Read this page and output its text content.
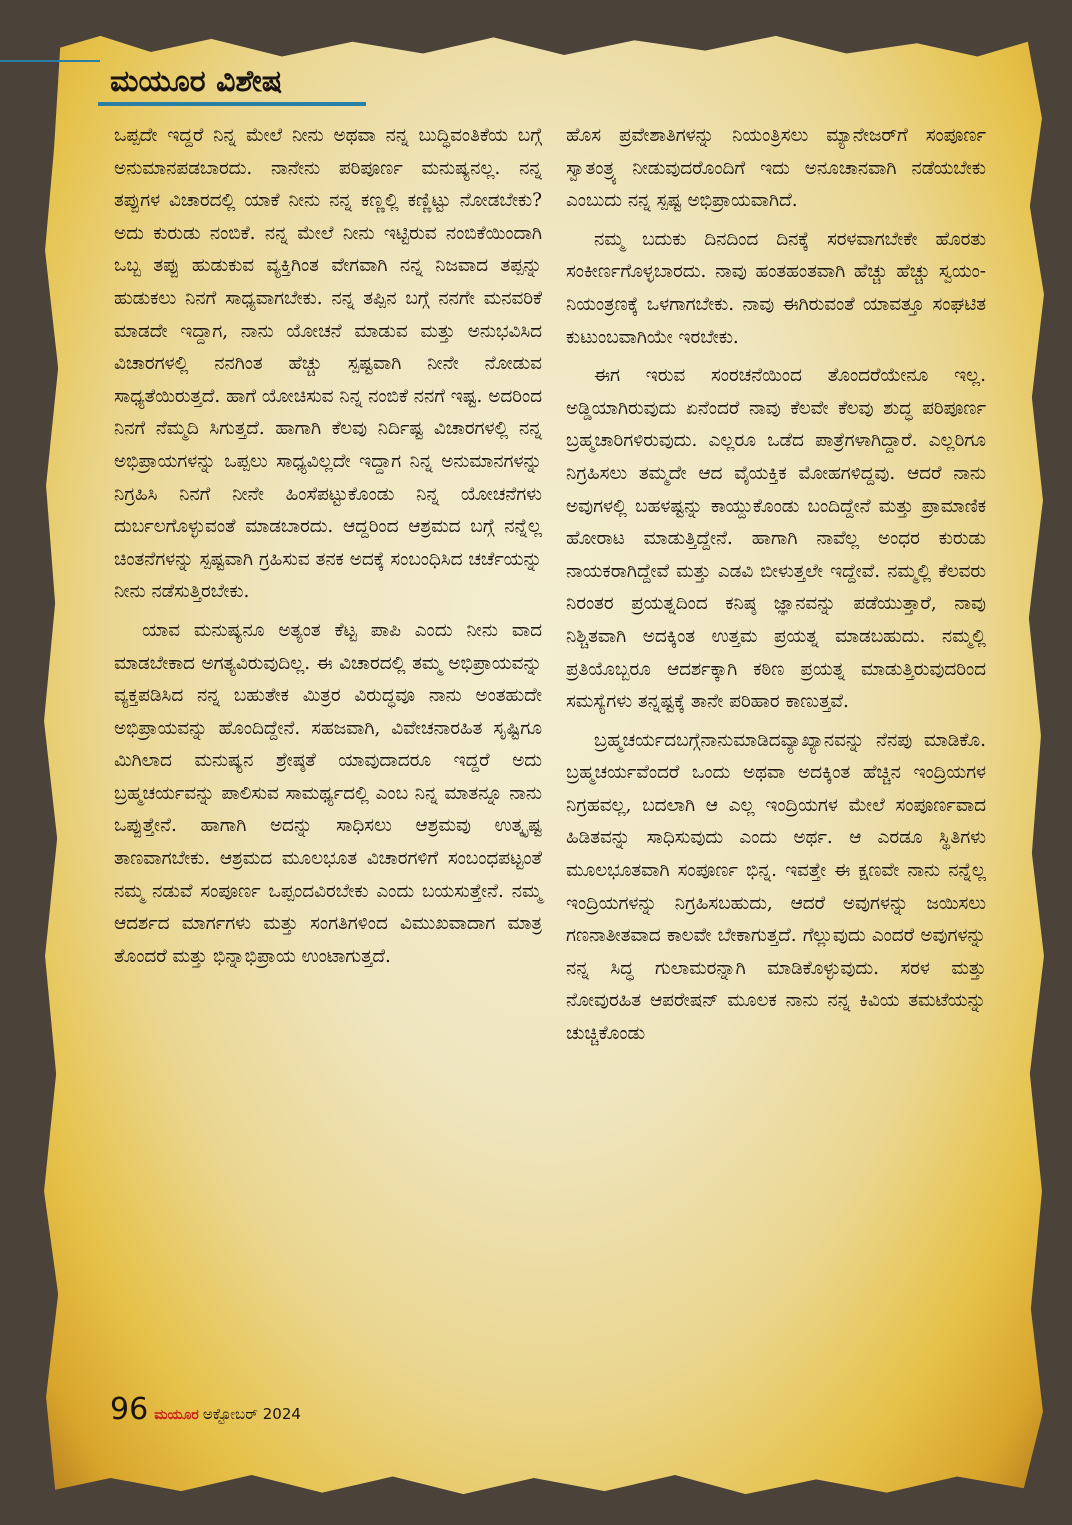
ಮಯೂರ ವಿಶೇಷ

ಒಪ್ಪದೇ ಇದ್ದರೆ ನಿನ್ನ ಮೇಲೆ ನೀನು ಅಥವಾ ನನ್ನ ಬುದ್ಧಿವಂತಿಕೆಯ ಬಗ್ಗೆ ಅನುಮಾನಪಡಬಾರದು. ನಾನೇನು ಪರಿಪೂರ್ಣ ಮನುಷ್ಯನಲ್ಲ. ನನ್ನ ತಪ್ಪುಗಳ ವಿಚಾರದಲ್ಲಿ ಯಾಕೆ ನೀನು ನನ್ನ ಕಣ್ಣಲ್ಲಿ ಕಣ್ಣಿಟ್ಟು ನೋಡಬೇಕು? ಅದು ಕುರುಡು ನಂಬಿಕೆ. ನನ್ನ ಮೇಲೆ ನೀನು ಇಟ್ಟಿರುವ ನಂಬಿಕೆಯಿಂದಾಗಿ ಒಬ್ಬ ತಪ್ಪು ಹುಡುಕುವ ವ್ಯಕ್ತಿಗಿಂತ ವೇಗವಾಗಿ ನನ್ನ ನಿಜವಾದ ತಪ್ಪನ್ನು ಹುಡುಕಲು ನಿನಗೆ ಸಾಧ್ಯವಾಗಬೇಕು. ನನ್ನ ತಪ್ಪಿನ ಬಗ್ಗೆ ನನಗೇ ಮನವರಿಕೆ ಮಾಡದೇ ಇದ್ದಾಗ, ನಾನು ಯೋಚನೆ ಮಾಡುವ ಮತ್ತು ಅನುಭವಿಸಿದ ವಿಚಾರಗಳಲ್ಲಿ ನನಗಿಂತ ಹೆಚ್ಚು ಸ್ಪಷ್ಟವಾಗಿ ನೀನೇ ನೋಡುವ ಸಾಧ್ಯತೆಯಿರುತ್ತದೆ. ಹಾಗೆ ಯೋಚಿಸುವ ನಿನ್ನ ನಂಬಿಕೆ ನನಗೆ ಇಷ್ಟ. ಅದರಿಂದ ನಿನಗೆ ನೆಮ್ಮದಿ ಸಿಗುತ್ತದೆ. ಹಾಗಾಗಿ ಕೆಲವು ನಿರ್ದಿಷ್ಟ ವಿಚಾರಗಳಲ್ಲಿ ನನ್ನ ಅಭಿಪ್ರಾಯಗಳನ್ನು ಒಪ್ಪಲು ಸಾಧ್ಯವಿಲ್ಲದೇ ಇದ್ದಾಗ ನಿನ್ನ ಅನುಮಾನಗಳನ್ನು ನಿಗ್ರಹಿಸಿ ನಿನಗೆ ನೀನೇ ಹಿಂಸೆಪಟ್ಟುಕೊಂಡು ನಿನ್ನ ಯೋಚನೆಗಳು ದುರ್ಬಲಗೊಳ್ಳುವಂತೆ ಮಾಡಬಾರದು. ಆದ್ದರಿಂದ ಆಶ್ರಮದ ಬಗ್ಗೆ ನನ್ನೆಲ್ಲ ಚಿಂತನೆಗಳನ್ನು ಸ್ಪಷ್ಟವಾಗಿ ಗ್ರಹಿಸುವ ತನಕ ಅದಕ್ಕೆ ಸಂಬಂಧಿಸಿದ ಚರ್ಚೆಯನ್ನು ನೀನು ನಡೆಸುತ್ತಿರಬೇಕು.

ಯಾವ ಮನುಷ್ಯನೂ ಅತ್ಯಂತ ಕೆಟ್ಟ ಪಾಪಿ ಎಂದು ನೀನು ವಾದ ಮಾಡಬೇಕಾದ ಅಗತ್ಯವಿರುವುದಿಲ್ಲ. ಈ ವಿಚಾರದಲ್ಲಿ ತಮ್ಮ ಅಭಿಪ್ರಾಯವನ್ನು ವ್ಯಕ್ತಪಡಿಸಿದ ನನ್ನ ಬಹುತೇಕ ಮಿತ್ರರ ವಿರುದ್ಧವೂ ನಾನು ಅಂತಹುದೇ ಅಭಿಪ್ರಾಯವನ್ನು ಹೊಂದಿದ್ದೇನೆ. ಸಹಜವಾಗಿ, ವಿವೇಚನಾರಹಿತ ಸೃಷ್ಟಿಗೂ ಮಿಗಿಲಾದ ಮನುಷ್ಯನ ಶ್ರೇಷ್ಠತೆ ಯಾವುದಾದರೂ ಇದ್ದರೆ ಅದು ಬ್ರಹ್ಮಚರ್ಯವನ್ನು ಪಾಲಿಸುವ ಸಾಮರ್ಥ್ಯದಲ್ಲಿ ಎಂಬ ನಿನ್ನ ಮಾತನ್ನೂ ನಾನು ಒಪ್ಪುತ್ತೇನೆ. ಹಾಗಾಗಿ ಅದನ್ನು ಸಾಧಿಸಲು ಆಶ್ರಮವು ಉತ್ಕೃಷ್ಟ ತಾಣವಾಗಬೇಕು. ಆಶ್ರಮದ ಮೂಲಭೂತ ವಿಚಾರಗಳಿಗೆ ಸಂಬಂಧಪಟ್ಟಂತೆ ನಮ್ಮ ನಡುವೆ ಸಂಪೂರ್ಣ ಒಪ್ಪಂದವಿರಬೇಕು ಎಂದು ಬಯಸುತ್ತೇನೆ. ನಮ್ಮ ಆದರ್ಶದ ಮಾರ್ಗಗಳು ಮತ್ತು ಸಂಗತಿಗಳಿಂದ ವಿಮುಖವಾದಾಗ ಮಾತ್ರ ತೊಂದರೆ ಮತ್ತು ಭಿನ್ನಾಭಿಪ್ರಾಯ ಉಂಟಾಗುತ್ತದೆ.

ಹೊಸ ಪ್ರವೇಶಾತಿಗಳನ್ನು ನಿಯಂತ್ರಿಸಲು ಮ್ಯಾನೇಜರ್‌ಗೆ ಸಂಪೂರ್ಣ ಸ್ವಾತಂತ್ರ್ಯ ನೀಡುವುದರೊಂದಿಗೆ ಇದು ಅನೂಚಾನವಾಗಿ ನಡೆಯಬೇಕು ಎಂಬುದು ನನ್ನ ಸ್ಪಷ್ಟ ಅಭಿಪ್ರಾಯವಾಗಿದೆ.

ನಮ್ಮ ಬದುಕು ದಿನದಿಂದ ದಿನಕ್ಕೆ ಸರಳವಾಗಬೇಕೇ ಹೊರತು ಸಂಕೀರ್ಣಗೊಳ್ಳಬಾರದು. ನಾವು ಹಂತಹಂತವಾಗಿ ಹೆಚ್ಚು ಹೆಚ್ಚು ಸ್ವಯಂ-ನಿಯಂತ್ರಣಕ್ಕೆ ಒಳಗಾಗಬೇಕು. ನಾವು ಈಗಿರುವಂತೆ ಯಾವತ್ತೂ ಸಂಘಟಿತ ಕುಟುಂಬವಾಗಿಯೇ ಇರಬೇಕು.

ಈಗ ಇರುವ ಸಂರಚನೆಯಿಂದ ತೊಂದರೆಯೇನೂ ಇಲ್ಲ. ಅಡ್ಡಿಯಾಗಿರುವುದು ಏನೆಂದರೆ ನಾವು ಕೆಲವೇ ಕೆಲವು ಶುದ್ಧ ಪರಿಪೂರ್ಣ ಬ್ರಹ್ಮಚಾರಿಗಳಿರುವುದು. ಎಲ್ಲರೂ ಒಡೆದ ಪಾತ್ರೆಗಳಾಗಿದ್ದಾರೆ. ಎಲ್ಲರಿಗೂ ನಿಗ್ರಹಿಸಲು ತಮ್ಮದೇ ಆದ ವೈಯಕ್ತಿಕ ಮೋಹಗಳಿದ್ದವು. ಆದರೆ ನಾನು ಅವುಗಳಲ್ಲಿ ಬಹಳಷ್ಟನ್ನು ಕಾಯ್ದುಕೊಂಡು ಬಂದಿದ್ದೇನೆ ಮತ್ತು ಪ್ರಾಮಾಣಿಕ ಹೋರಾಟ ಮಾಡುತ್ತಿದ್ದೇನೆ. ಹಾಗಾಗಿ ನಾವೆಲ್ಲ ಅಂಧರ ಕುರುಡು ನಾಯಕರಾಗಿದ್ದೇವೆ ಮತ್ತು ಎಡವಿ ಬೀಳುತ್ತಲೇ ಇದ್ದೇವೆ. ನಮ್ಮಲ್ಲಿ ಕೆಲವರು ನಿರಂತರ ಪ್ರಯತ್ನದಿಂದ ಕನಿಷ್ಠ ಜ್ಞಾನವನ್ನು ಪಡೆಯುತ್ತಾರೆ, ನಾವು ನಿಶ್ಚಿತವಾಗಿ ಅದಕ್ಕಿಂತ ಉತ್ತಮ ಪ್ರಯತ್ನ ಮಾಡಬಹುದು. ನಮ್ಮಲ್ಲಿ ಪ್ರತಿಯೊಬ್ಬರೂ ಆದರ್ಶಕ್ಕಾಗಿ ಕಠಿಣ ಪ್ರಯತ್ನ ಮಾಡುತ್ತಿರುವುದರಿಂದ ಸಮಸ್ಯೆಗಳು ತನ್ನಷ್ಟಕ್ಕೆ ತಾನೇ ಪರಿಹಾರ ಕಾಣುತ್ತವೆ.

ಬ್ರಹ್ಮಚರ್ಯದಬಗ್ಗೆನಾನುಮಾಡಿದವ್ಯಾಖ್ಯಾನವನ್ನು ನೆನಪು ಮಾಡಿಕೊ. ಬ್ರಹ್ಮಚರ್ಯವೆಂದರೆ ಒಂದು ಅಥವಾ ಅದಕ್ಕಿಂತ ಹೆಚ್ಚಿನ ಇಂದ್ರಿಯಗಳ ನಿಗ್ರಹವಲ್ಲ, ಬದಲಾಗಿ ಆ ಎಲ್ಲ ಇಂದ್ರಿಯಗಳ ಮೇಲೆ ಸಂಪೂರ್ಣವಾದ ಹಿಡಿತವನ್ನು ಸಾಧಿಸುವುದು ಎಂದು ಅರ್ಥ. ಆ ಎರಡೂ ಸ್ಥಿತಿಗಳು ಮೂಲಭೂತವಾಗಿ ಸಂಪೂರ್ಣ ಭಿನ್ನ. ಇವತ್ತೇ ಈ ಕ್ಷಣವೇ ನಾನು ನನ್ನೆಲ್ಲ ಇಂದ್ರಿಯಗಳನ್ನು ನಿಗ್ರಹಿಸಬಹುದು, ಆದರೆ ಅವುಗಳನ್ನು ಜಯಿಸಲು ಗಣನಾತೀತವಾದ ಕಾಲವೇ ಬೇಕಾಗುತ್ತದೆ. ಗೆಲ್ಲುವುದು ಎಂದರೆ ಅವುಗಳನ್ನು ನನ್ನ ಸಿದ್ಧ ಗುಲಾಮರನ್ನಾಗಿ ಮಾಡಿಕೊಳ್ಳುವುದು. ಸರಳ ಮತ್ತು ನೋವುರಹಿತ ಆಪರೇಷನ್ ಮೂಲಕ ನಾನು ನನ್ನ ಕಿವಿಯ ತಮಟೆಯನ್ನು ಚುಚ್ಚಿಕೊಂಡು

96 ಮಯೂರ ಅಕ್ಟೋಬರ್ 2024
